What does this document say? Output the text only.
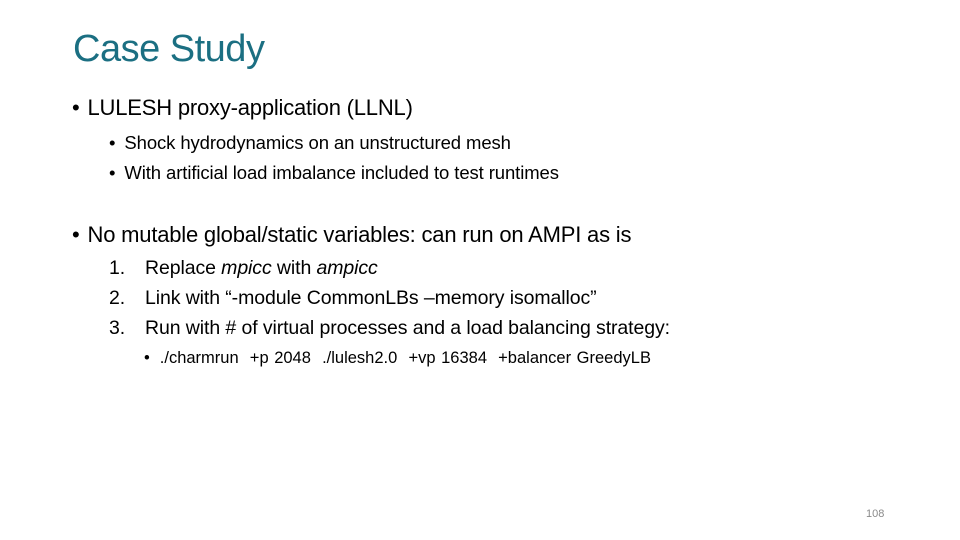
Case Study
• LULESH proxy-application (LLNL)
• Shock hydrodynamics on an unstructured mesh
• With artificial load imbalance included to test runtimes
• No mutable global/static variables: can run on AMPI as is
1. Replace mpicc with ampicc
2. Link with “-module CommonLBs –memory isomalloc”
3. Run with # of virtual processes and a load balancing strategy:
• ./charmrun  +p 2048  ./lulesh2.0  +vp 16384  +balancer GreedyLB
108
